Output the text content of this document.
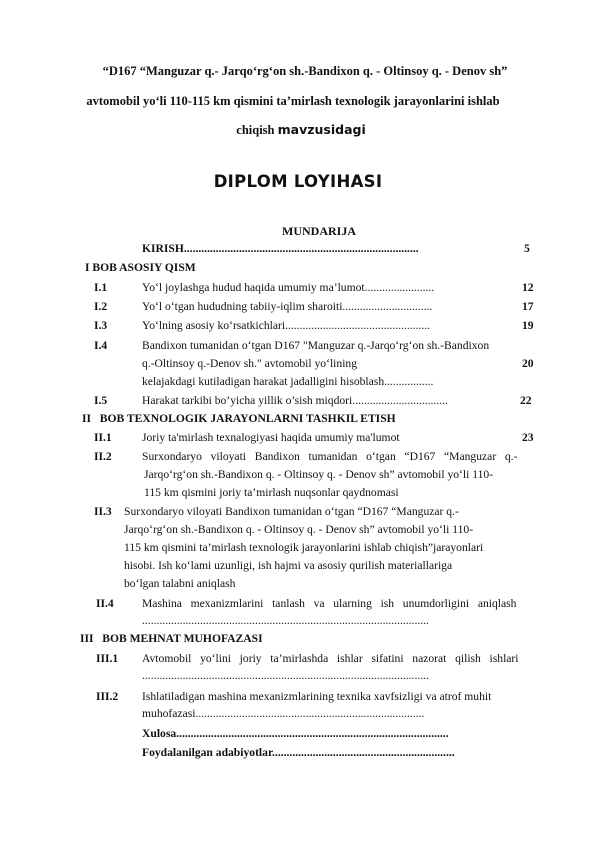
“D167 “Manguzar q.- Jarqo‘rg‘on sh.-Bandixon q. - Oltinsoy q. - Denov sh”
avtomobil yo‘li 110-115 km qismini ta’mirlash texnologik jarayonlarini ishlab
chiqish mavzusidagi
DIPLOM LOYIHASI
MUNDARIJA
KIRISH.................................................................................	5
I BOB ASOSIY QISM
I.1	Yo‘l joylashga hudud haqida umumiy ma’lumot........................	12
I.2	Yo‘l o‘tgan hududning tabiiy-iqlim sharoiti...............................	17
I.3	Yo‘lning asosiy ko‘rsatkichlari..................................................	19
I.4	Bandixon tumanidan o‘tgan D167 "Manguzar q.-Jarqo‘rg‘on sh.-Bandixon
q.-Oltinsoy q.-Denov sh." avtomobil yo‘lining	20
kelajakdagi kutiladigan harakat jadalligini hisoblash.................
I.5	Harakat tarkibi bo’yicha yillik o’sish miqdori.................................	22
II   BOB TEXNOLOGIK JARAYONLARNI TASHKIL ETISH
II.1	Joriy ta'mirlash texnalogiyasi haqida umumiy ma'lumot	23
II.2	Surxondaryo   viloyati   Bandixon   tumanidan   o‘tgan   “D167   “Manguzar   q.-
Jarqo‘rg‘on sh.-Bandixon q. - Oltinsoy q. - Denov sh” avtomobil yo‘li 110-
115 km qismini joriy ta’mirlash nuqsonlar qaydnomasi
II.3 Surxondaryo viloyati Bandixon tumanidan o‘tgan “D167 “Manguzar q.-
Jarqo‘rg‘on sh.-Bandixon q. - Oltinsoy q. - Denov sh” avtomobil yo‘li 110-
115 km qismini ta’mirlash texnologik jarayonlarini ishlab chiqish”jarayonlari
hisobi. Ish ko‘lami uzunligi, ish hajmi va asosiy qurilish materiallariga
bo‘lgan talabni aniqlash
II.4 Mashina   mexanizmlarini   tanlash   va   ularning   ish   unumdorligini   aniqlash
...................................................................................................
III   BOB MEHNAT MUHOFAZASI
III.1 Avtomobil   yo‘lini   joriy   ta’mirlashda   ishlar   sifatini   nazorat   qilish   ishlari
...................................................................................................
III.2 Ishlatiladigan mashina mexanizmlarining texnika xavfsizligi va atrof muhit
muhofazasi...............................................................................
Xulosa..............................................................................................
Foydalanilgan adabiyotlar...............................................................
